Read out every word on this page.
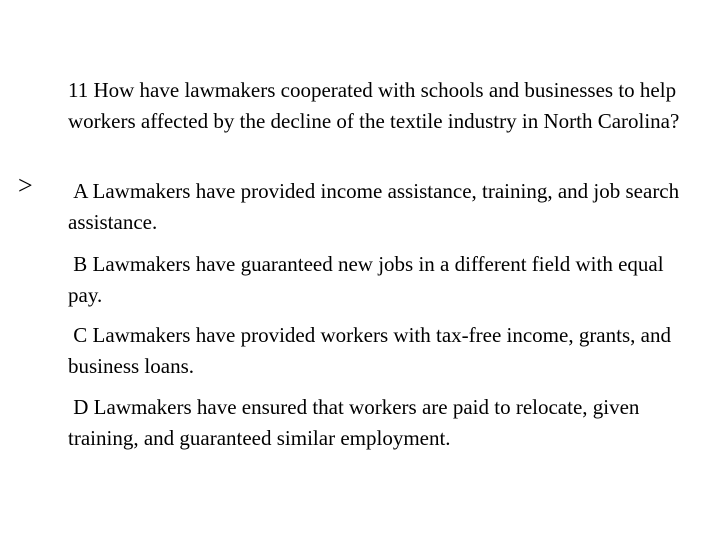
>

11 How have lawmakers cooperated with schools and businesses to help workers affected by the decline of the textile industry in North Carolina?

A Lawmakers have provided income assistance, training, and job search assistance.

B Lawmakers have guaranteed new jobs in a different field with equal pay.

C Lawmakers have provided workers with tax-free income, grants, and business loans.

D Lawmakers have ensured that workers are paid to relocate, given training, and guaranteed similar employment.
